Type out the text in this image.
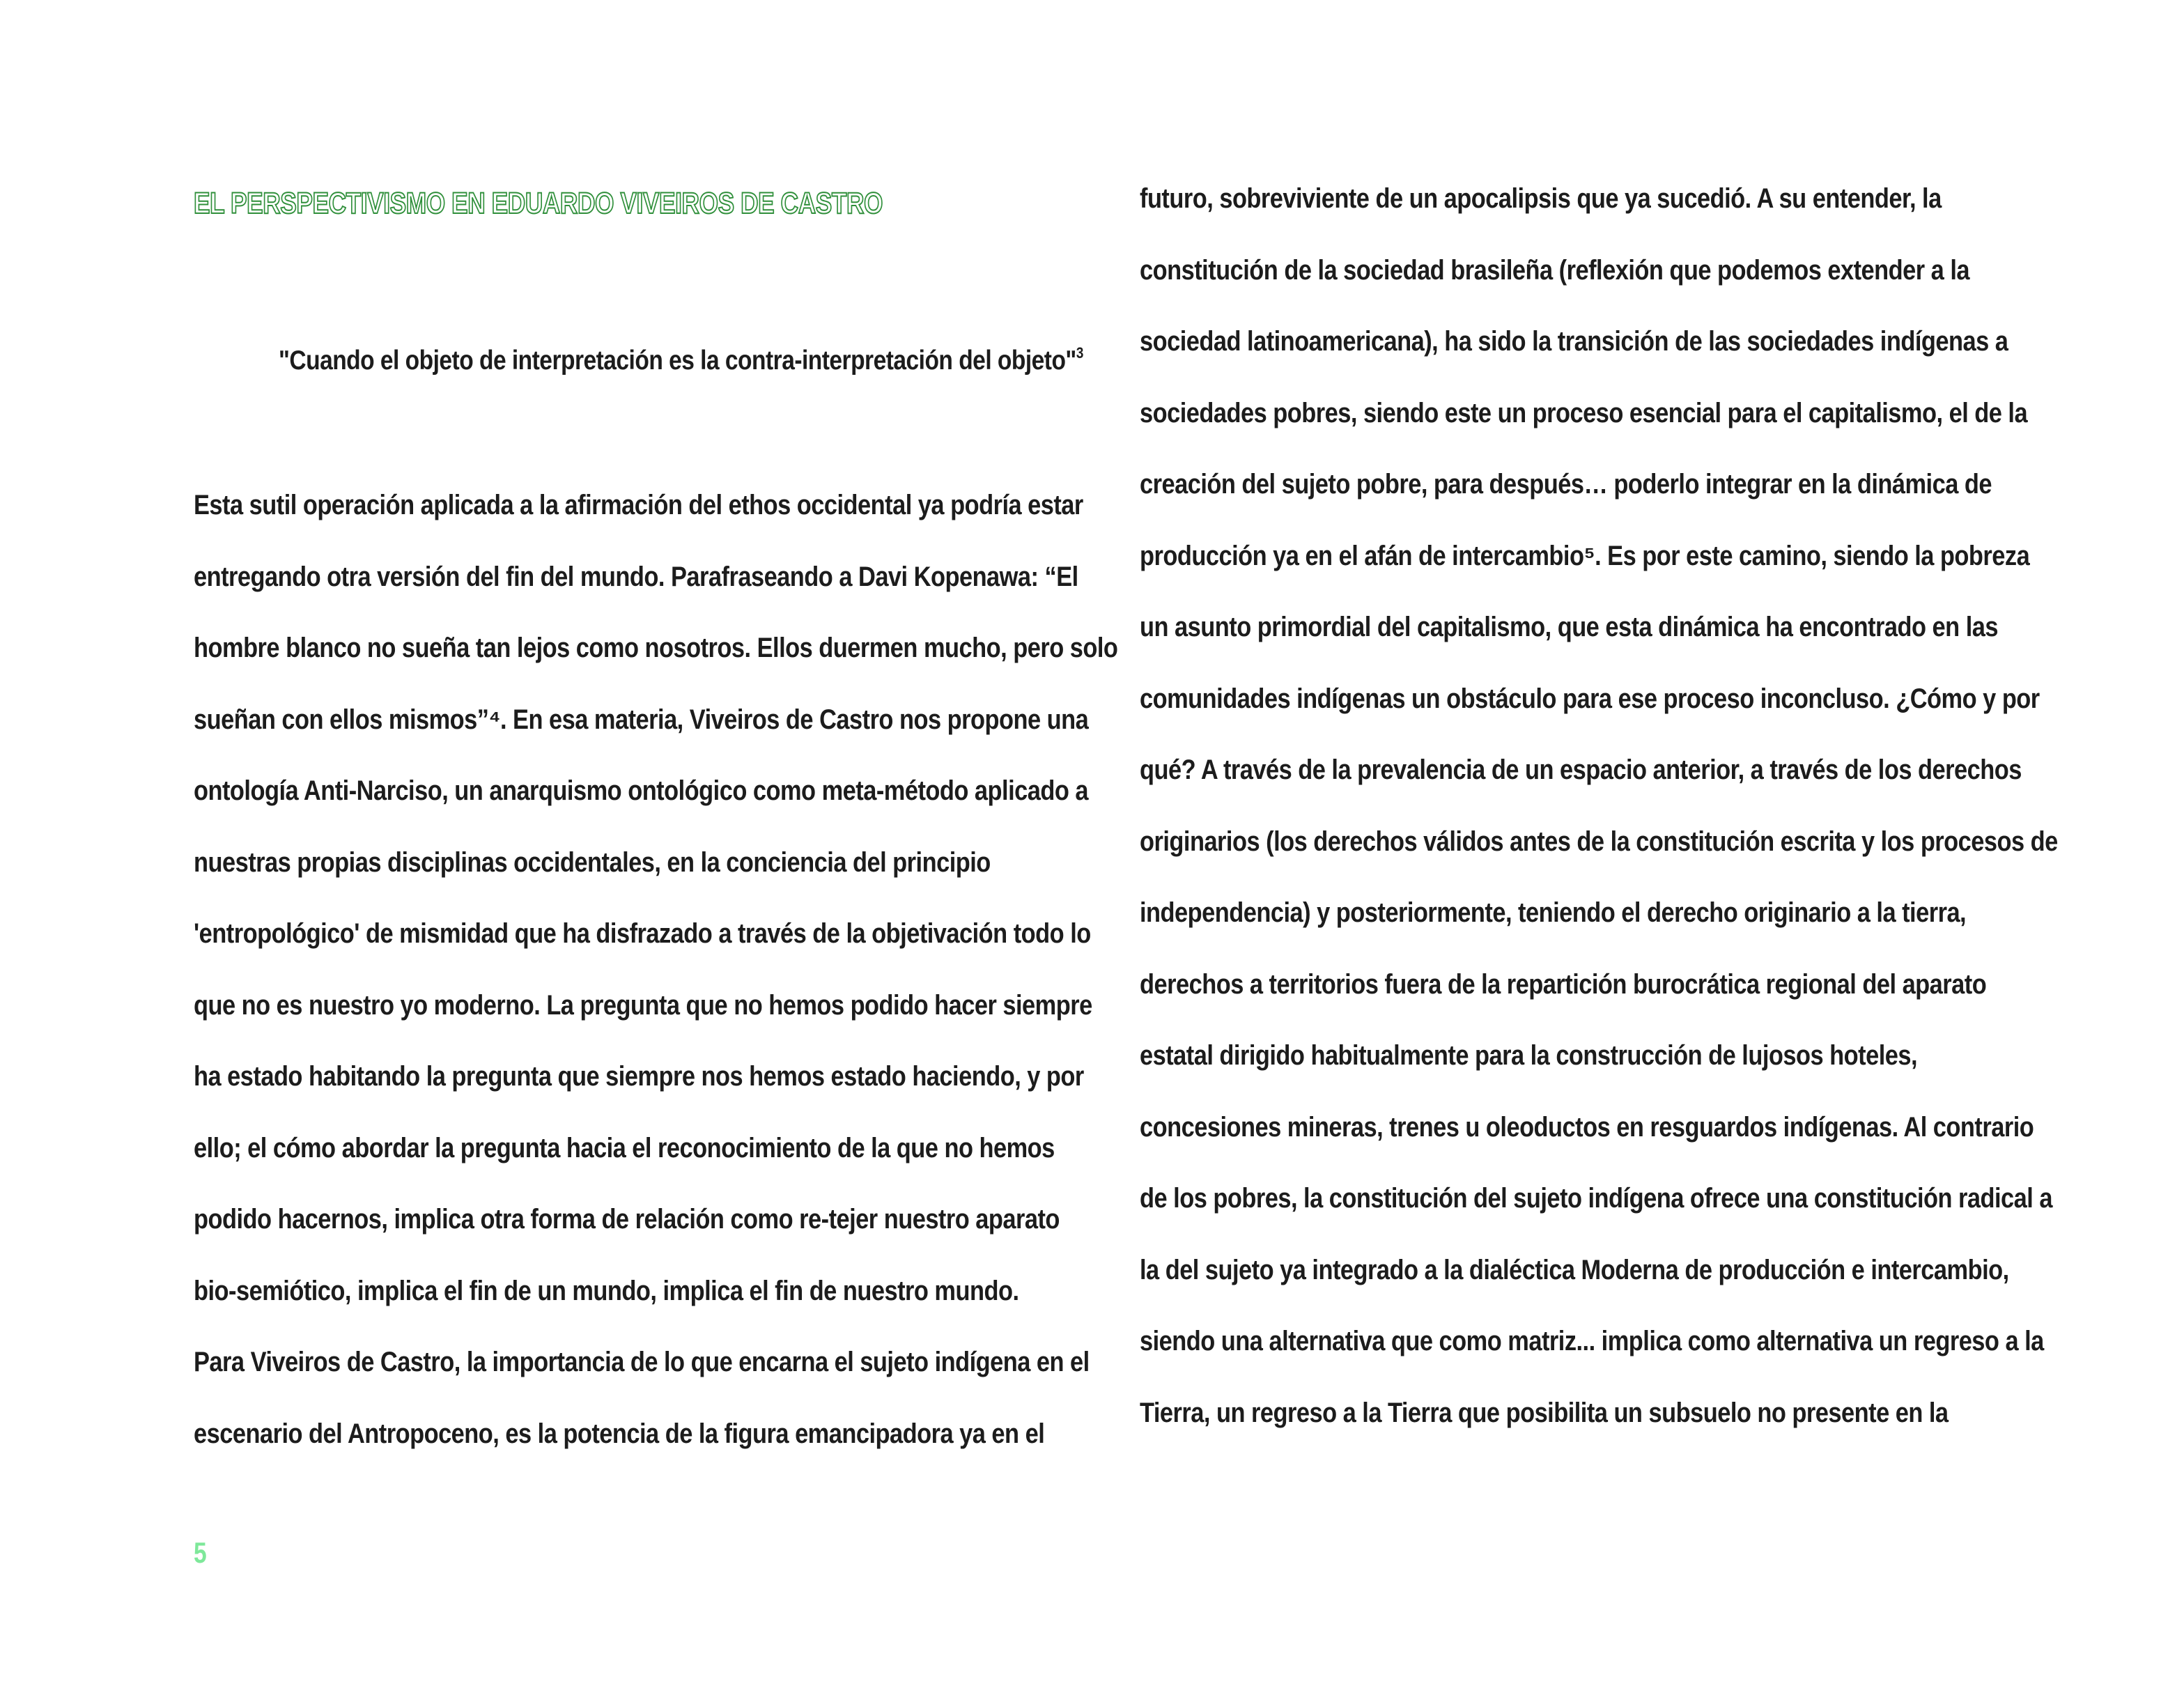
EL PERSPECTIVISMO EN EDUARDO VIVEIROS DE CASTRO
"Cuando el objeto de interpretación es la contra-interpretación del objeto"$^3$
Esta sutil operación aplicada a la afirmación del ethos occidental ya podría estar
entregando otra versión del fin del mundo. Parafraseando a Davi Kopenawa: “El
hombre blanco no sueña tan lejos como nosotros. Ellos duermen mucho, pero solo
sueñan con ellos mismos”⁴. En esa materia, Viveiros de Castro nos propone una
ontología Anti-Narciso, un anarquismo ontológico como meta-método aplicado a
nuestras propias disciplinas occidentales, en la conciencia del principio
'entropológico' de mismidad que ha disfrazado a través de la objetivación todo lo
que no es nuestro yo moderno. La pregunta que no hemos podido hacer siempre
ha estado habitando la pregunta que siempre nos hemos estado haciendo, y por
ello; el cómo abordar la pregunta hacia el reconocimiento de la que no hemos
podido hacernos, implica otra forma de relación como re-tejer nuestro aparato
bio-semiótico, implica el fin de un mundo, implica el fin de nuestro mundo.
Para Viveiros de Castro, la importancia de lo que encarna el sujeto indígena en el
escenario del Antropoceno, es la potencia de la figura emancipadora ya en el
futuro, sobreviviente de un apocalipsis que ya sucedió. A su entender, la
constitución de la sociedad brasileña (reflexión que podemos extender a la
sociedad latinoamericana), ha sido la transición de las sociedades indígenas a
sociedades pobres, siendo este un proceso esencial para el capitalismo, el de la
creación del sujeto pobre, para después… poderlo integrar en la dinámica de
producción ya en el afán de intercambio⁵. Es por este camino, siendo la pobreza
un asunto primordial del capitalismo, que esta dinámica ha encontrado en las
comunidades indígenas un obstáculo para ese proceso inconcluso. ¿Cómo y por
qué? A través de la prevalencia de un espacio anterior, a través de los derechos
originarios (los derechos válidos antes de la constitución escrita y los procesos de
independencia) y posteriormente, teniendo el derecho originario a la tierra,
derechos a territorios fuera de la repartición burocrática regional del aparato
estatal dirigido habitualmente para la construcción de lujosos hoteles,
concesiones mineras, trenes u oleoductos en resguardos indígenas. Al contrario
de los pobres, la constitución del sujeto indígena ofrece una constitución radical a
la del sujeto ya integrado a la dialéctica Moderna de producción e intercambio,
siendo una alternativa que como matriz... implica como alternativa un regreso a la
Tierra, un regreso a la Tierra que posibilita un subsuelo no presente en la
5
